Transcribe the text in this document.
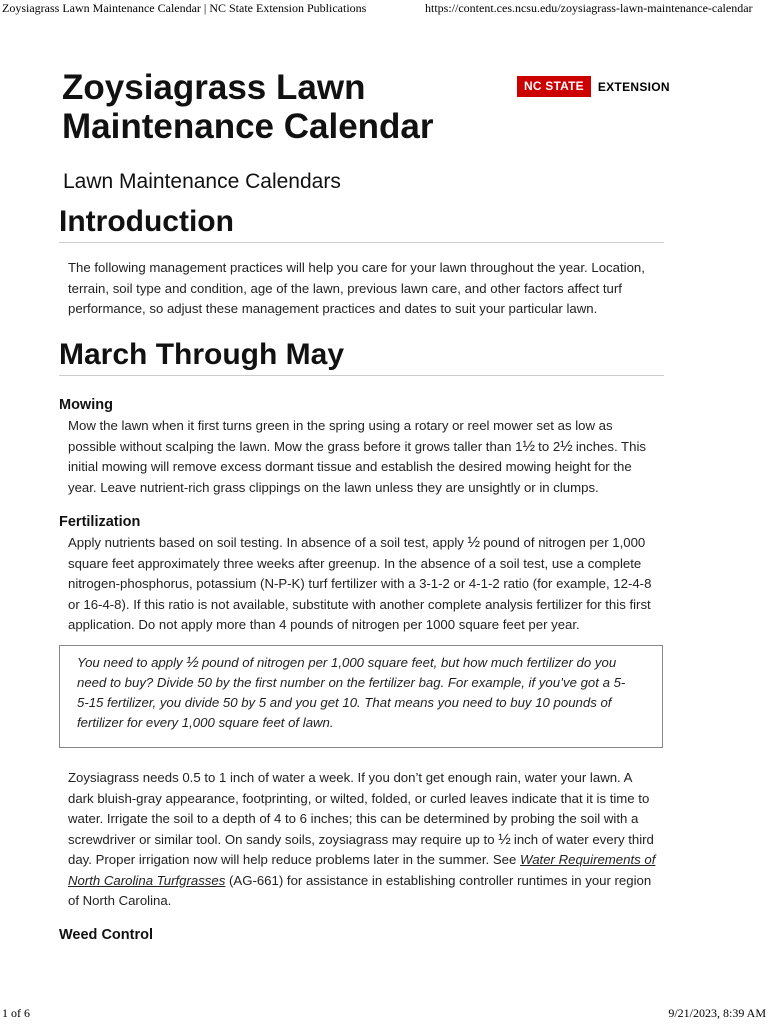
Zoysiagrass Lawn Maintenance Calendar | NC State Extension Publications	https://content.ces.ncsu.edu/zoysiagrass-lawn-maintenance-calendar
Zoysiagrass Lawn Maintenance Calendar
NC STATE	EXTENSION
Lawn Maintenance Calendars
Introduction

The following management practices will help you care for your lawn throughout the year. Location, terrain, soil type and condition, age of the lawn, previous lawn care, and other factors affect turf performance, so adjust these management practices and dates to suit your particular lawn.

March Through May
Mowing

Mow the lawn when it first turns green in the spring using a rotary or reel mower set as low as possible without scalping the lawn. Mow the grass before it grows taller than 1½ to 2½ inches. This initial mowing will remove excess dormant tissue and establish the desired mowing height for the year. Leave nutrient-rich grass clippings on the lawn unless they are unsightly or in clumps.

Fertilization

Apply nutrients based on soil testing. In absence of a soil test, apply ½ pound of nitrogen per 1,000 square feet approximately three weeks after greenup. In the absence of a soil test, use a complete nitrogen-phosphorus, potassium (N-P-K) turf fertilizer with a 3-1-2 or 4-1-2 ratio (for example, 12-4-8 or 16-4-8). If this ratio is not available, substitute with another complete analysis fertilizer for this first application. Do not apply more than 4 pounds of nitrogen per 1000 square feet per year.

You need to apply ½ pound of nitrogen per 1,000 square feet, but how much fertilizer do you need to buy? Divide 50 by the first number on the fertilizer bag. For example, if you’ve got a 5-5-15 fertilizer, you divide 50 by 5 and you get 10. That means you need to buy 10 pounds of fertilizer for every 1,000 square feet of lawn.

Zoysiagrass needs 0.5 to 1 inch of water a week. If you don’t get enough rain, water your lawn. A dark bluish-gray appearance, footprinting, or wilted, folded, or curled leaves indicate that it is time to water. Irrigate the soil to a depth of 4 to 6 inches; this can be determined by probing the soil with a screwdriver or similar tool. On sandy soils, zoysiagrass may require up to ½ inch of water every third day. Proper irrigation now will help reduce problems later in the summer. See Water Requirements of North Carolina Turfgrasses (AG-661) for assistance in establishing controller runtimes in your region of North Carolina.

Weed Control
1 of 6	9/21/2023, 8:39 AM
